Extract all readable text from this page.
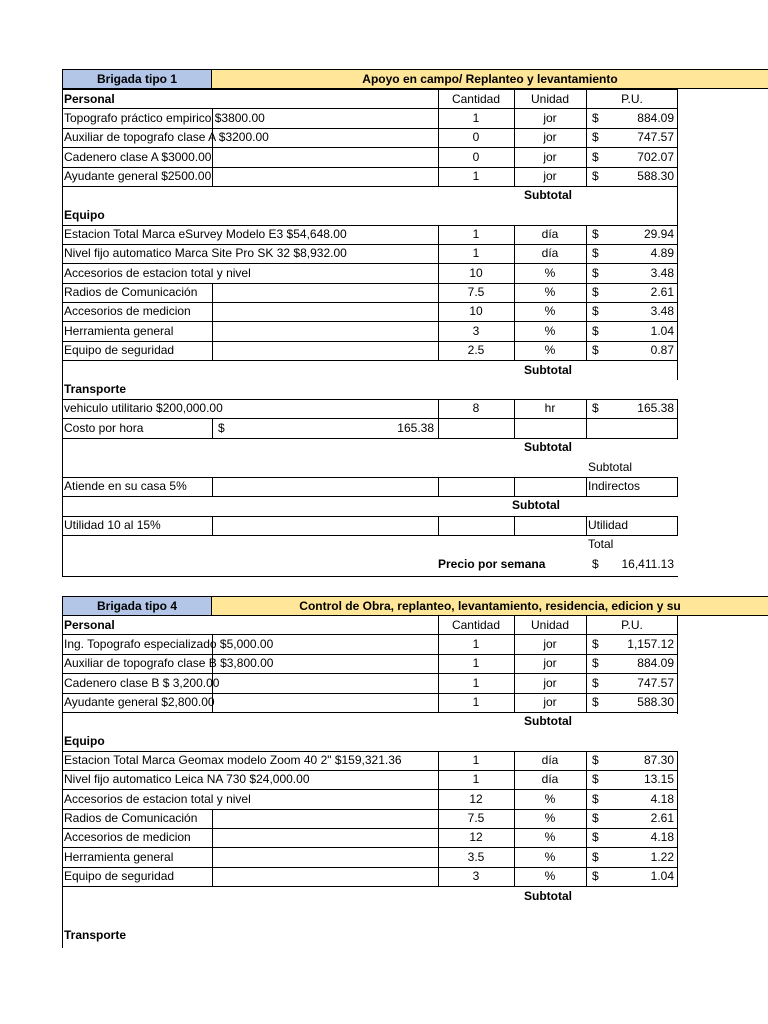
Brigada tipo 1	Apoyo en campo/ Replanteo y levantamiento
Personal	Cantidad	Unidad	P.U.
Topografo práctico empirico $3800.00	1	jor	$	884.09
Auxiliar de topografo clase A $3200.00	0	jor	$	747.57
Cadenero clase A $3000.00	0	jor	$	702.07
Ayudante general $2500.00	1	jor	$	588.30
Subtotal
Equipo
Estacion Total Marca eSurvey Modelo E3 $54,648.00	1	día	$	29.94
Nivel fijo automatico Marca Site Pro SK 32 $8,932.00	1	día	$	4.89
Accesorios de estacion total y nivel	10	%	$	3.48
Radios de Comunicación	7.5	%	$	2.61
Accesorios de medicion	10	%	$	3.48
Herramienta general	3	%	$	1.04
Equipo de seguridad	2.5	%	$	0.87
Subtotal
Transporte
vehiculo utilitario $200,000.00	8	hr	$	165.38
Costo por hora	$	165.38
Subtotal
Subtotal
Atiende en su casa 5%	Indirectos
Subtotal
Utilidad 10 al 15%	Utilidad
Total
Precio por semana	$	16,411.13
Brigada tipo 4	Control de Obra, replanteo, levantamiento, residencia, edicion y su
Personal	Cantidad	Unidad	P.U.
Ing. Topografo especializado $5,000.00	1	jor	$	1,157.12
Auxiliar de topografo clase B $3,800.00	1	jor	$	884.09
Cadenero clase B $ 3,200.00	1	jor	$	747.57
Ayudante general $2,800.00	1	jor	$	588.30
Subtotal
Equipo
Estacion Total Marca Geomax modelo Zoom 40 2" $159,321.36	1	día	$	87.30
Nivel fijo automatico Leica NA 730 $24,000.00	1	día	$	13.15
Accesorios de estacion total y nivel	12	%	$	4.18
Radios de Comunicación	7.5	%	$	2.61
Accesorios de medicion	12	%	$	4.18
Herramienta general	3.5	%	$	1.22
Equipo de seguridad	3	%	$	1.04
Subtotal
Transporte
